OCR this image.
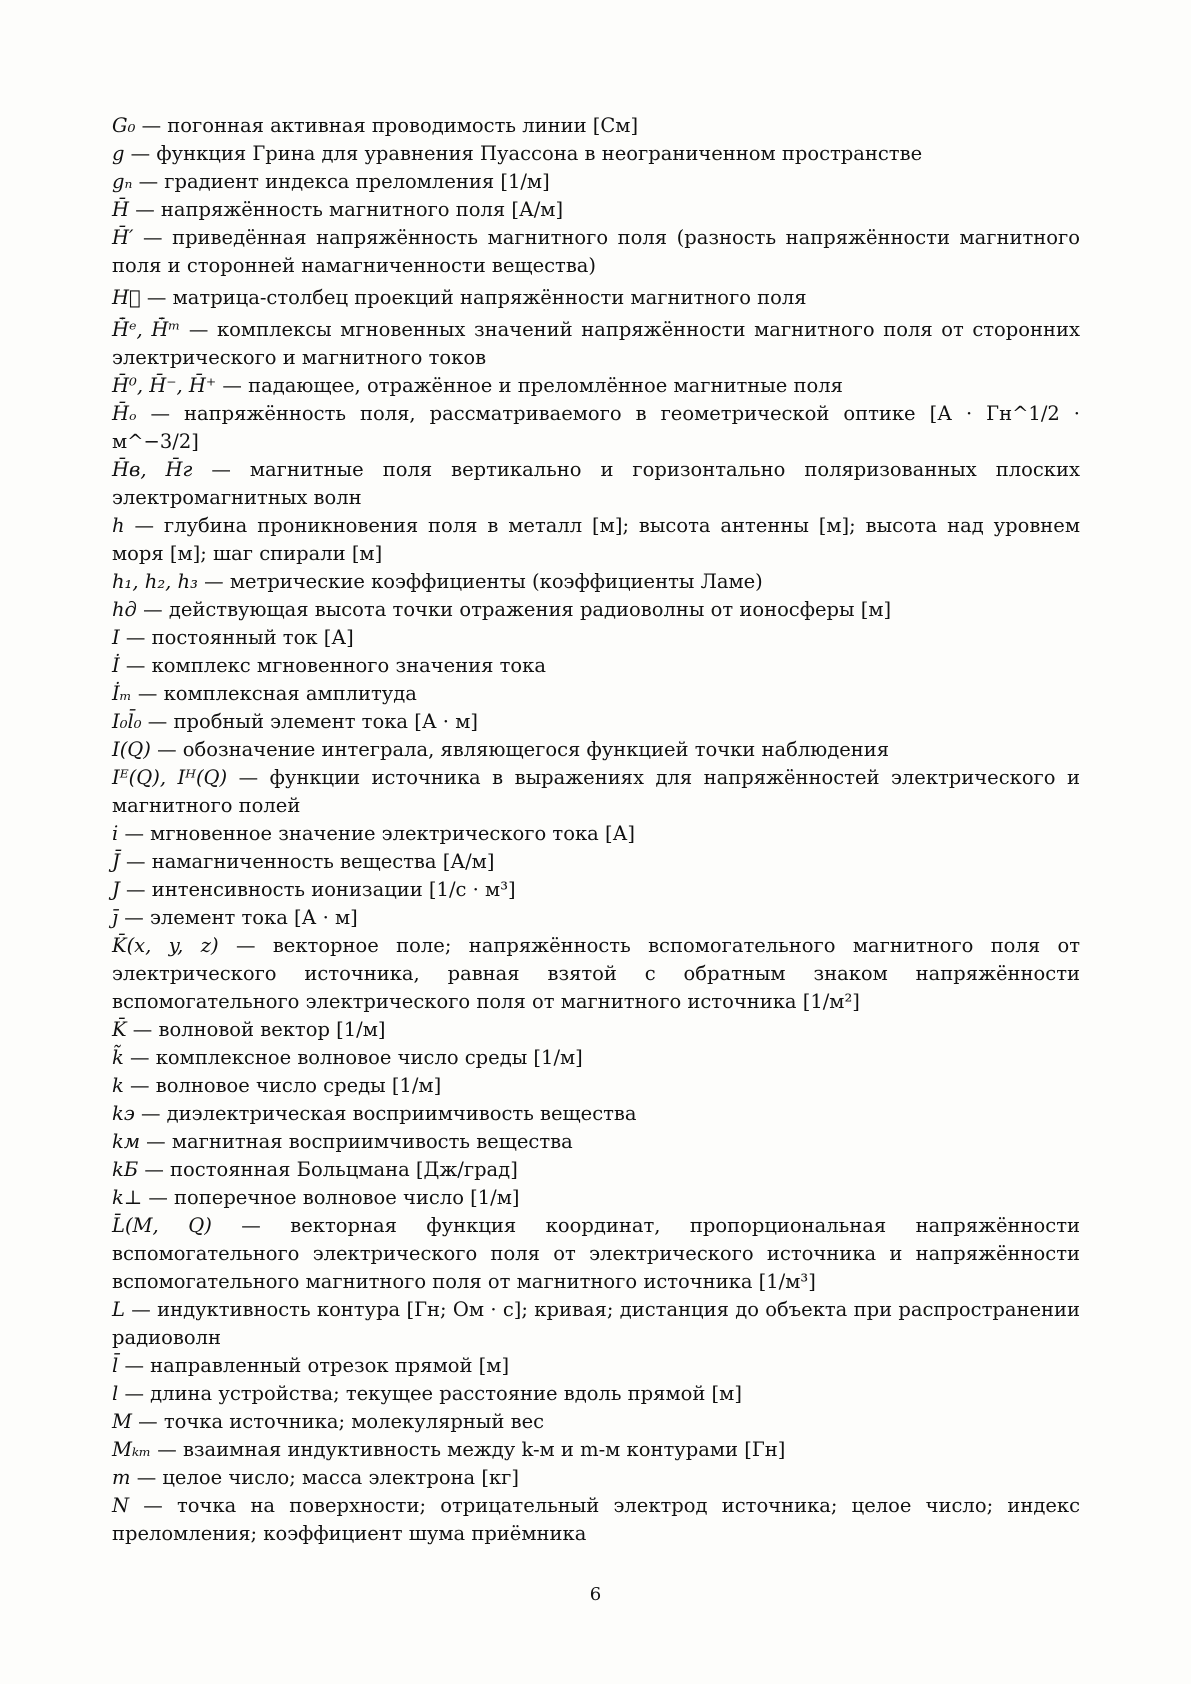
G₀ — погонная активная проводимость линии [См]

g — функция Грина для уравнения Пуассона в неограниченном пространстве

gₙ — градиент индекса преломления [1/м]

H̄ — напряжённость магнитного поля [А/м]

H̄′ — приведённая напряжённость магнитного поля (разность напряжённости магнитного поля и сторонней намагниченности вещества)

H⃗ — матрица-столбец проекций напряжённости магнитного поля

H̄̇ᵉ, H̄̇ᵐ — комплексы мгновенных значений напряжённости магнитного поля от сторонних электрического и магнитного токов

H̄⁰, H̄⁻, H̄⁺ — падающее, отражённое и преломлённое магнитные поля

H̄ₒ — напряжённость поля, рассматриваемого в геометрической оптике [А · Гн^1/2 · м^−3/2]

H̄в, H̄г — магнитные поля вертикально и горизонтально поляризованных плоских электромагнитных волн

h — глубина проникновения поля в металл [м]; высота антенны [м]; высота над уровнем моря [м]; шаг спирали [м]

h₁, h₂, h₃ — метрические коэффициенты (коэффициенты Ламе)

hд — действующая высота точки отражения радиоволны от ионосферы [м]

I — постоянный ток [А]

İ — комплекс мгновенного значения тока

İₘ — комплексная амплитуда

I₀l̄₀ — пробный элемент тока [А · м]

I(Q) — обозначение интеграла, являющегося функцией точки наблюдения

Iᴱ(Q), Iᴴ(Q) — функции источника в выражениях для напряжённостей электрического и магнитного полей

i — мгновенное значение электрического тока [А]

J̄ — намагниченность вещества [А/м]

J — интенсивность ионизации [1/с · м³]

j̄ — элемент тока [А · м]

K̄(x, y, z) — векторное поле; напряжённость вспомогательного магнитного поля от электрического источника, равная взятой с обратным знаком напряжённости вспомогательного электрического поля от магнитного источника [1/м²]

K̄ — волновой вектор [1/м]

k̃ — комплексное волновое число среды [1/м]

k — волновое число среды [1/м]

kэ — диэлектрическая восприимчивость вещества

kм — магнитная восприимчивость вещества

kБ — постоянная Больцмана [Дж/град]

k⊥ — поперечное волновое число [1/м]

L̄(M, Q) — векторная функция координат, пропорциональная напряжённости вспомогательного электрического поля от электрического источника и напряжённости вспомогательного магнитного поля от магнитного источника [1/м³]

L — индуктивность контура [Гн; Ом · с]; кривая; дистанция до объекта при распространении радиоволн

l̄ — направленный отрезок прямой [м]

l — длина устройства; текущее расстояние вдоль прямой [м]

M — точка источника; молекулярный вес

Mₖₘ — взаимная индуктивность между k-м и m-м контурами [Гн]

m — целое число; масса электрона [кг]

N — точка на поверхности; отрицательный электрод источника; целое число; индекс преломления; коэффициент шума приёмника

6
